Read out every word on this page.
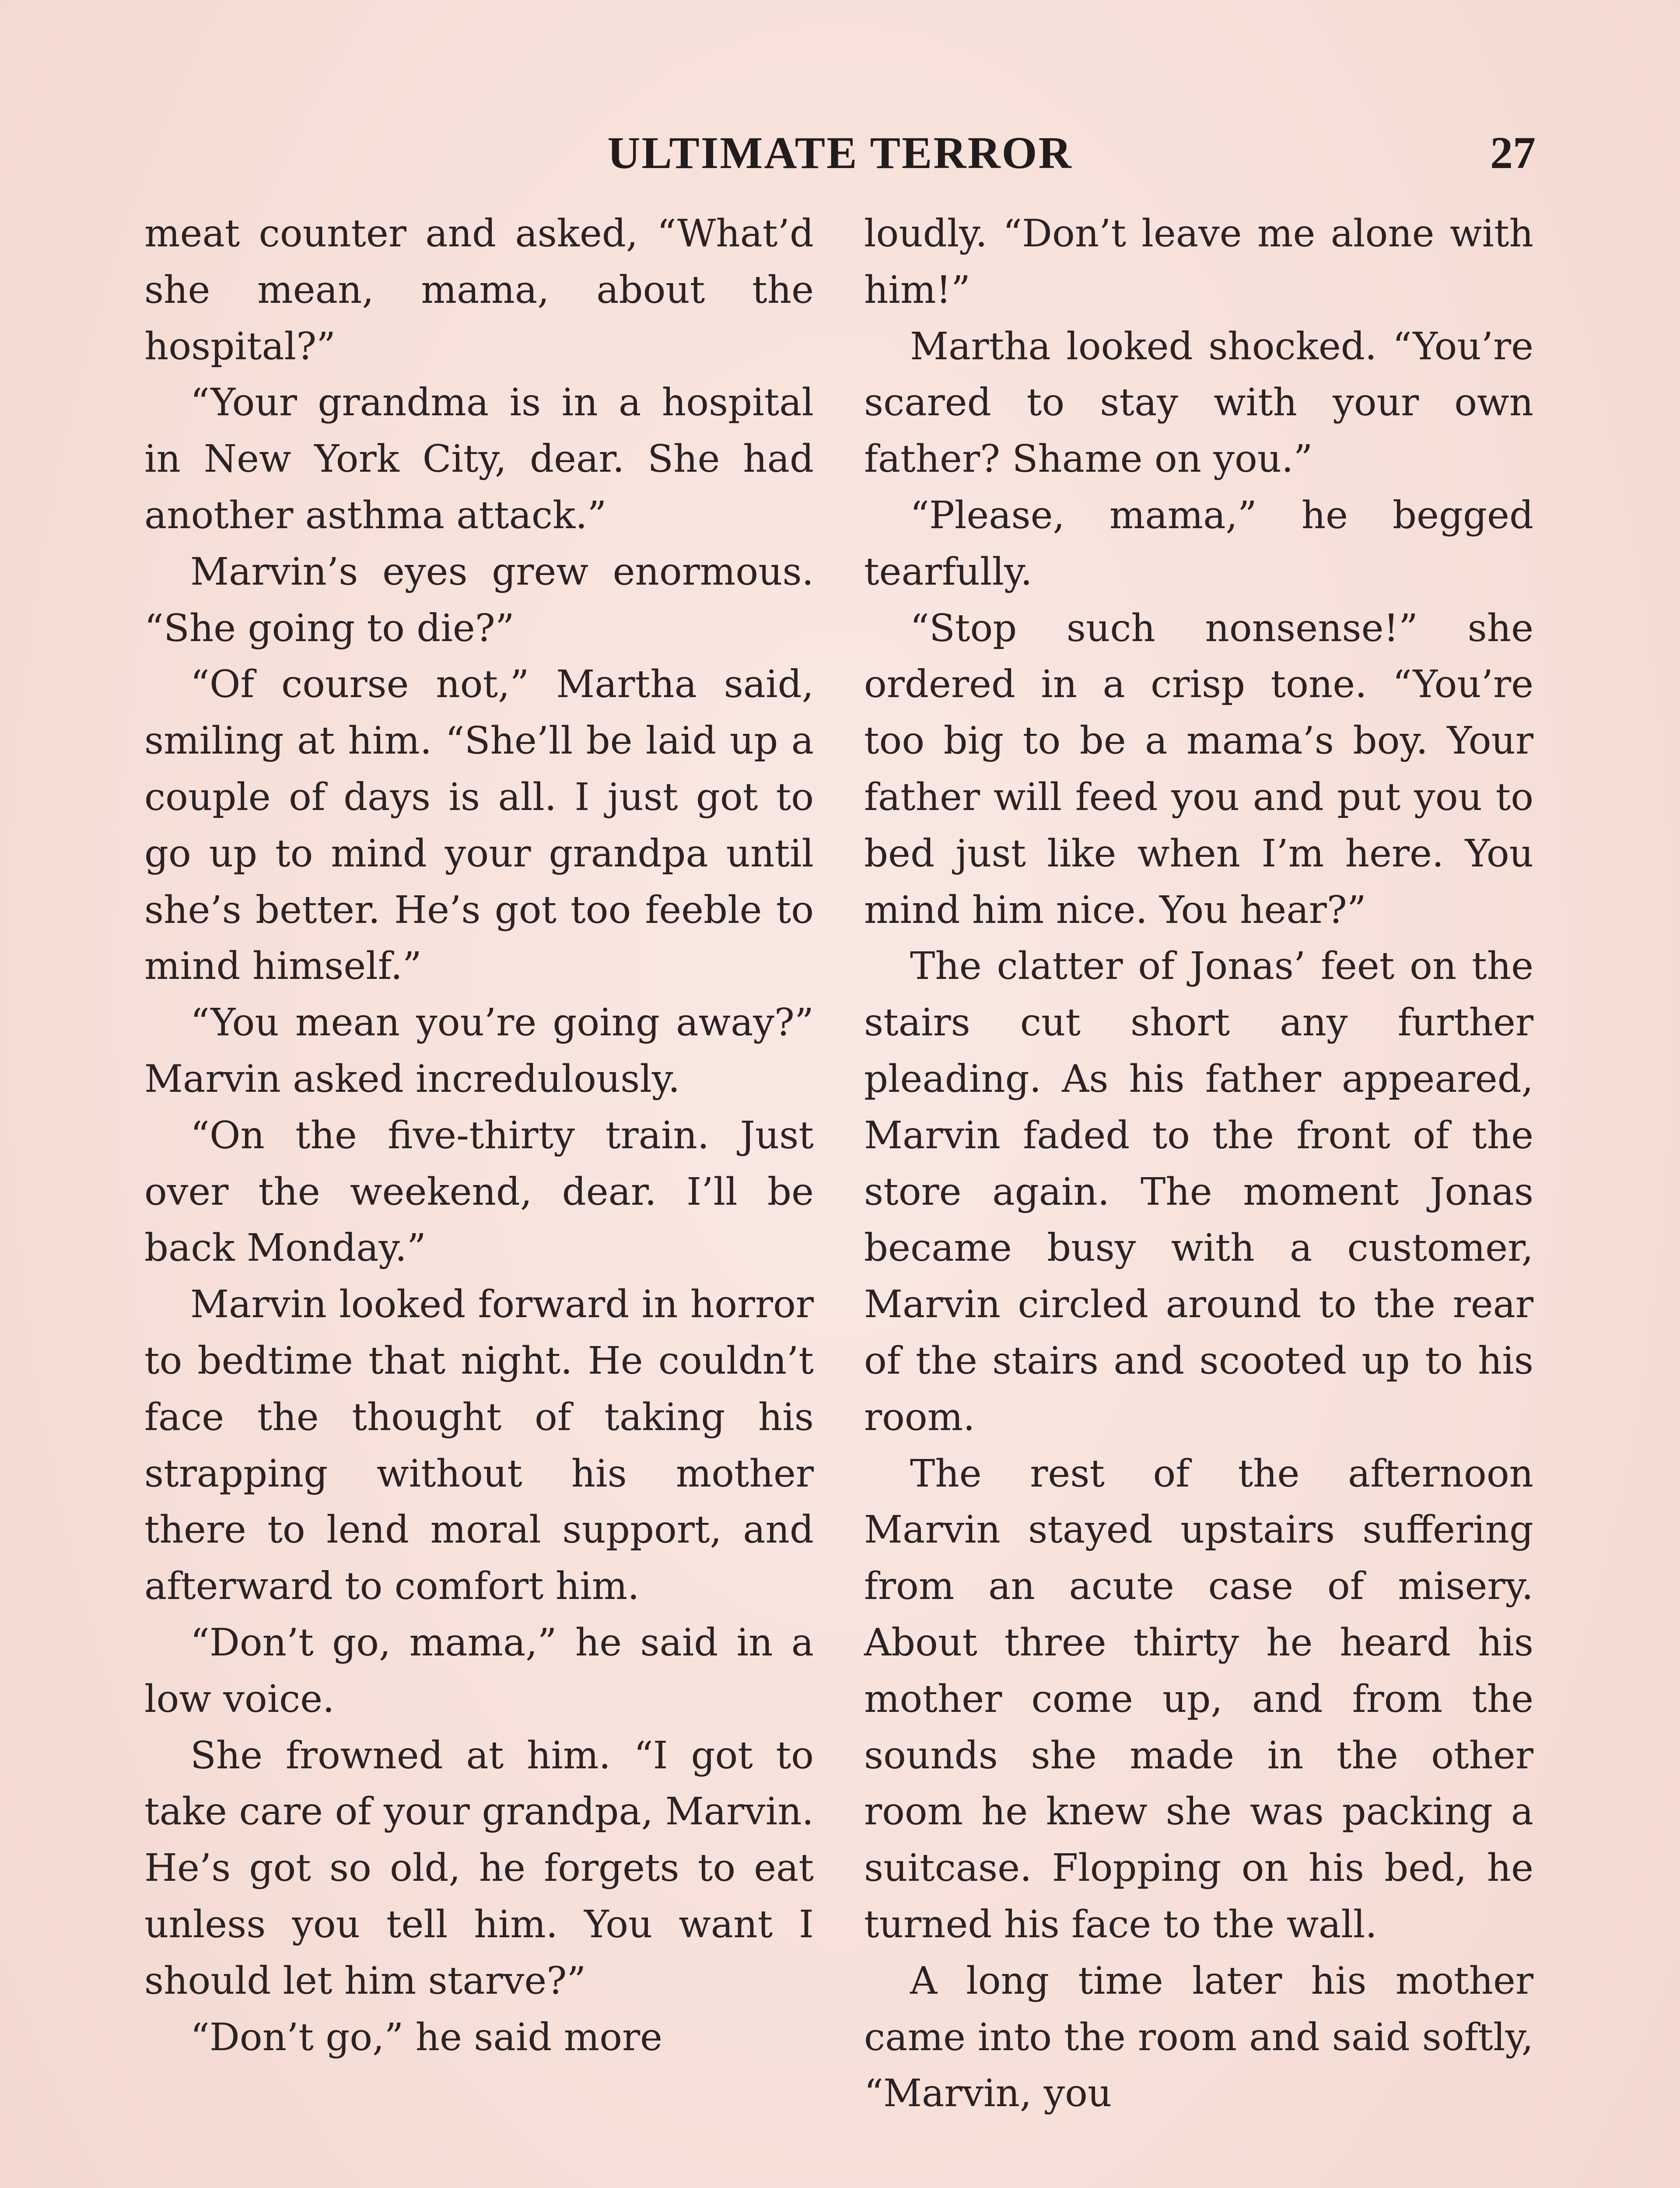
ULTIMATE TERROR	27

meat counter and asked, “What’d she mean, mama, about the hospital?”

“Your grandma is in a hospital in New York City, dear. She had another asthma attack.”

Marvin’s eyes grew enormous. “She going to die?”

“Of course not,” Martha said, smiling at him. “She’ll be laid up a couple of days is all. I just got to go up to mind your grandpa until she’s better. He’s got too feeble to mind himself.”

“You mean you’re going away?” Marvin asked incredulously.

“On the five-thirty train. Just over the weekend, dear. I’ll be back Monday.”

Marvin looked forward in horror to bedtime that night. He couldn’t face the thought of taking his strapping without his mother there to lend moral support, and afterward to comfort him.

“Don’t go, mama,” he said in a low voice.

She frowned at him. “I got to take care of your grandpa, Marvin. He’s got so old, he forgets to eat unless you tell him. You want I should let him starve?”

“Don’t go,” he said more

loudly. “Don’t leave me alone with him!”

Martha looked shocked. “You’re scared to stay with your own father? Shame on you.”

“Please, mama,” he begged tearfully.

“Stop such nonsense!” she ordered in a crisp tone. “You’re too big to be a mama’s boy. Your father will feed you and put you to bed just like when I’m here. You mind him nice. You hear?”

The clatter of Jonas’ feet on the stairs cut short any further pleading. As his father appeared, Marvin faded to the front of the store again. The moment Jonas became busy with a customer, Marvin circled around to the rear of the stairs and scooted up to his room.

The rest of the afternoon Marvin stayed upstairs suffering from an acute case of misery. About three thirty he heard his mother come up, and from the sounds she made in the other room he knew she was packing a suitcase. Flopping on his bed, he turned his face to the wall.

A long time later his mother came into the room and said softly, “Marvin, you
